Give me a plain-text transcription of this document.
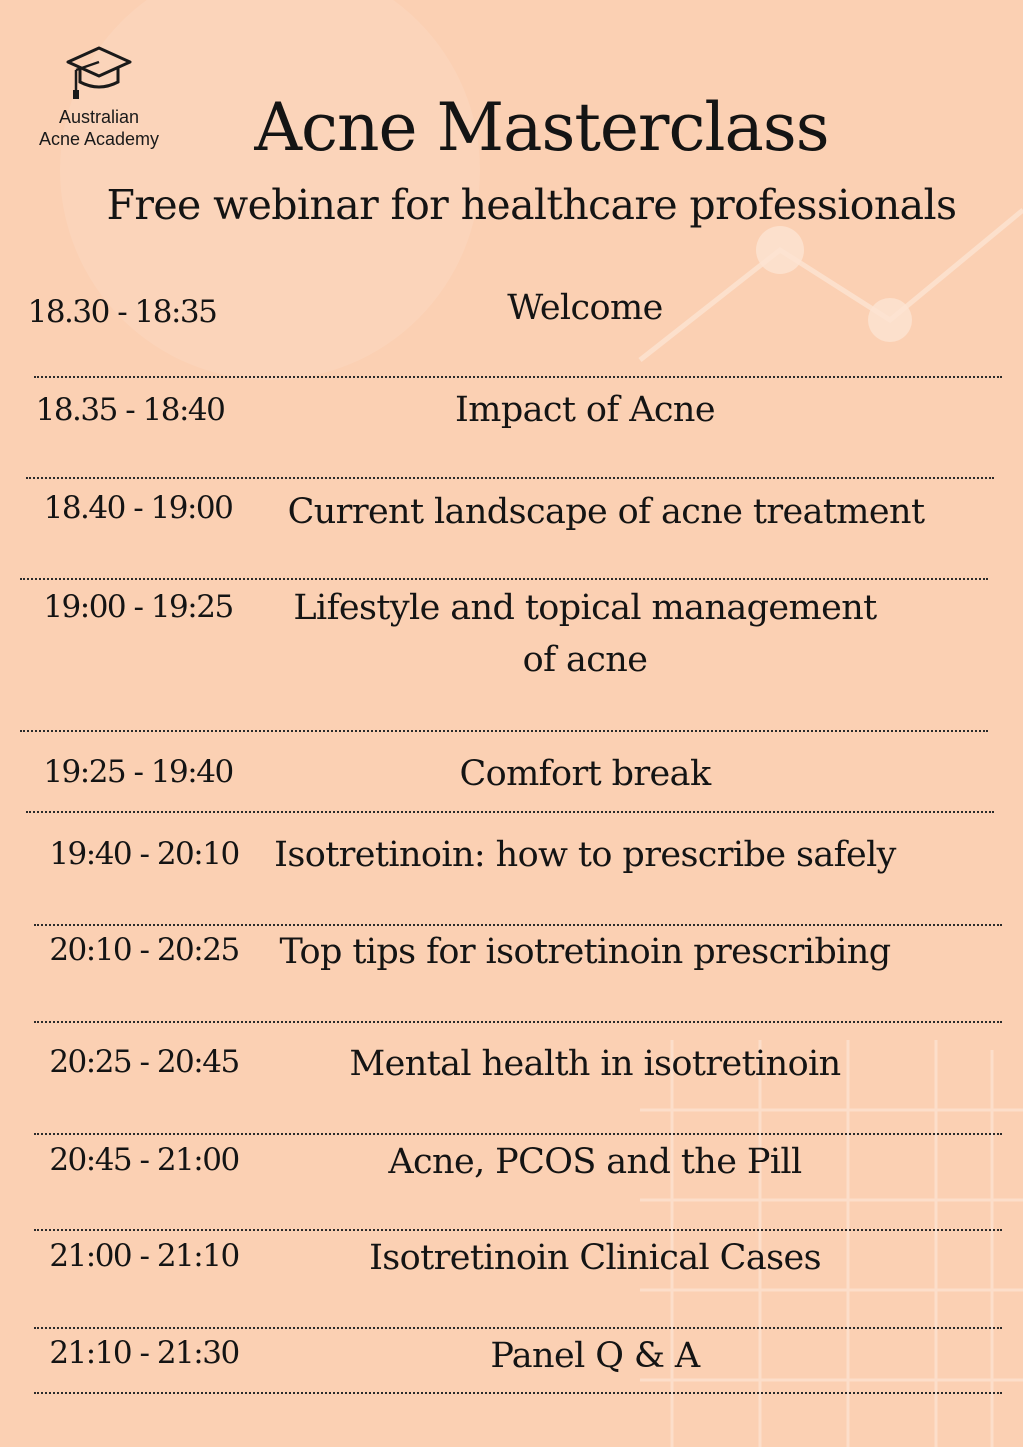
Australian
Acne Academy	Acne Masterclass
Free webinar for healthcare professionals
18.30 - 18:35	Welcome
18.35 - 18:40	Impact of Acne
18.40 - 19:00	Current landscape of acne treatment
19:00 - 19:25	Lifestyle and topical management
of acne
19:25 - 19:40	Comfort break
19:40 - 20:10	Isotretinoin: how to prescribe safely
20:10 - 20:25	Top tips for isotretinoin prescribing
20:25 - 20:45	Mental health in isotretinoin
20:45 - 21:00	Acne, PCOS and the Pill
21:00 - 21:10	Isotretinoin Clinical Cases
21:10 - 21:30	Panel Q & A
